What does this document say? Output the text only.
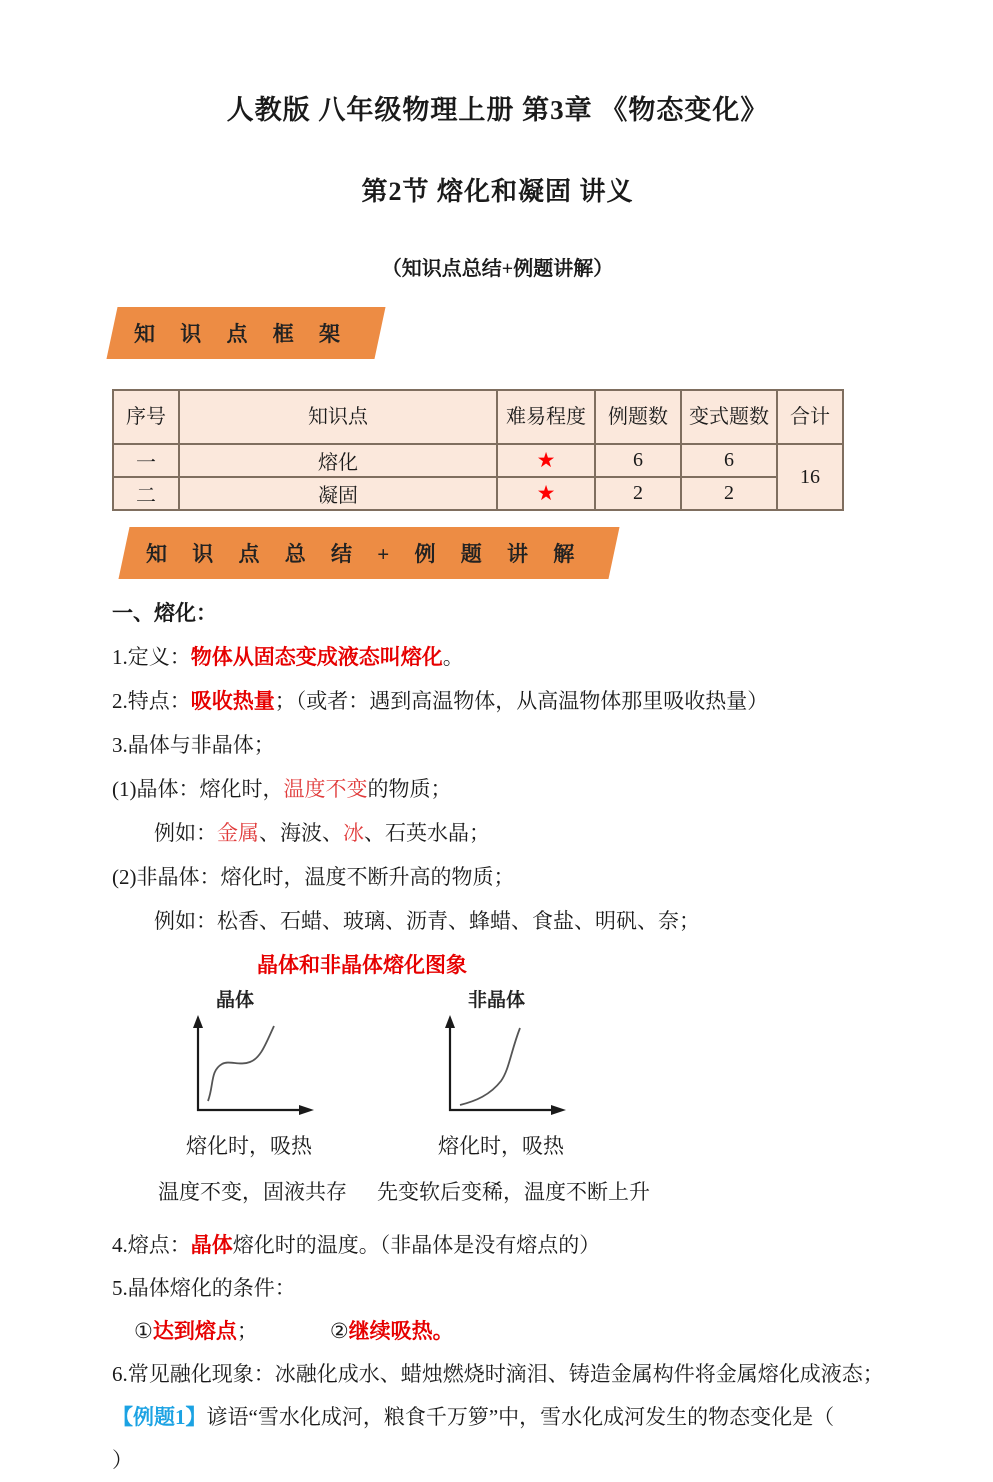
人教版 八年级物理上册 第3章 《物态变化》
第2节 熔化和凝固 讲义
（知识点总结+例题讲解）
知 识 点 框 架
序号	知识点	难易程度	例题数	变式题数	合计
一	熔化	★	6	6	16
二	凝固	★	2	2	
知 识 点 总 结 + 例 题 讲 解

一、熔化：

1.定义：物体从固态变成液态叫熔化。

2.特点：吸收热量；（或者：遇到高温物体，从高温物体那里吸收热量）

3.晶体与非晶体；

(1)晶体：熔化时，温度不变的物质；

例如：金属、海波、冰、石英水晶；

(2)非晶体：熔化时，温度不断升高的物质；

例如：松香、石蜡、玻璃、沥青、蜂蜡、食盐、明矾、奈；

晶体和非晶体熔化图象
晶体
熔化时，吸热
非晶体
熔化时，吸热
温度不变，固液共存 先变软后变稀，温度不断上升

4.熔点：晶体熔化时的温度。（非晶体是没有熔点的）

5.晶体熔化的条件：

①达到熔点；	②继续吸热。

6.常见融化现象：冰融化成水、蜡烛燃烧时滴泪、铸造金属构件将金属熔化成液态；

【例题1】谚语“雪水化成河，粮食千万箩”中，雪水化成河发生的物态变化是（

）
